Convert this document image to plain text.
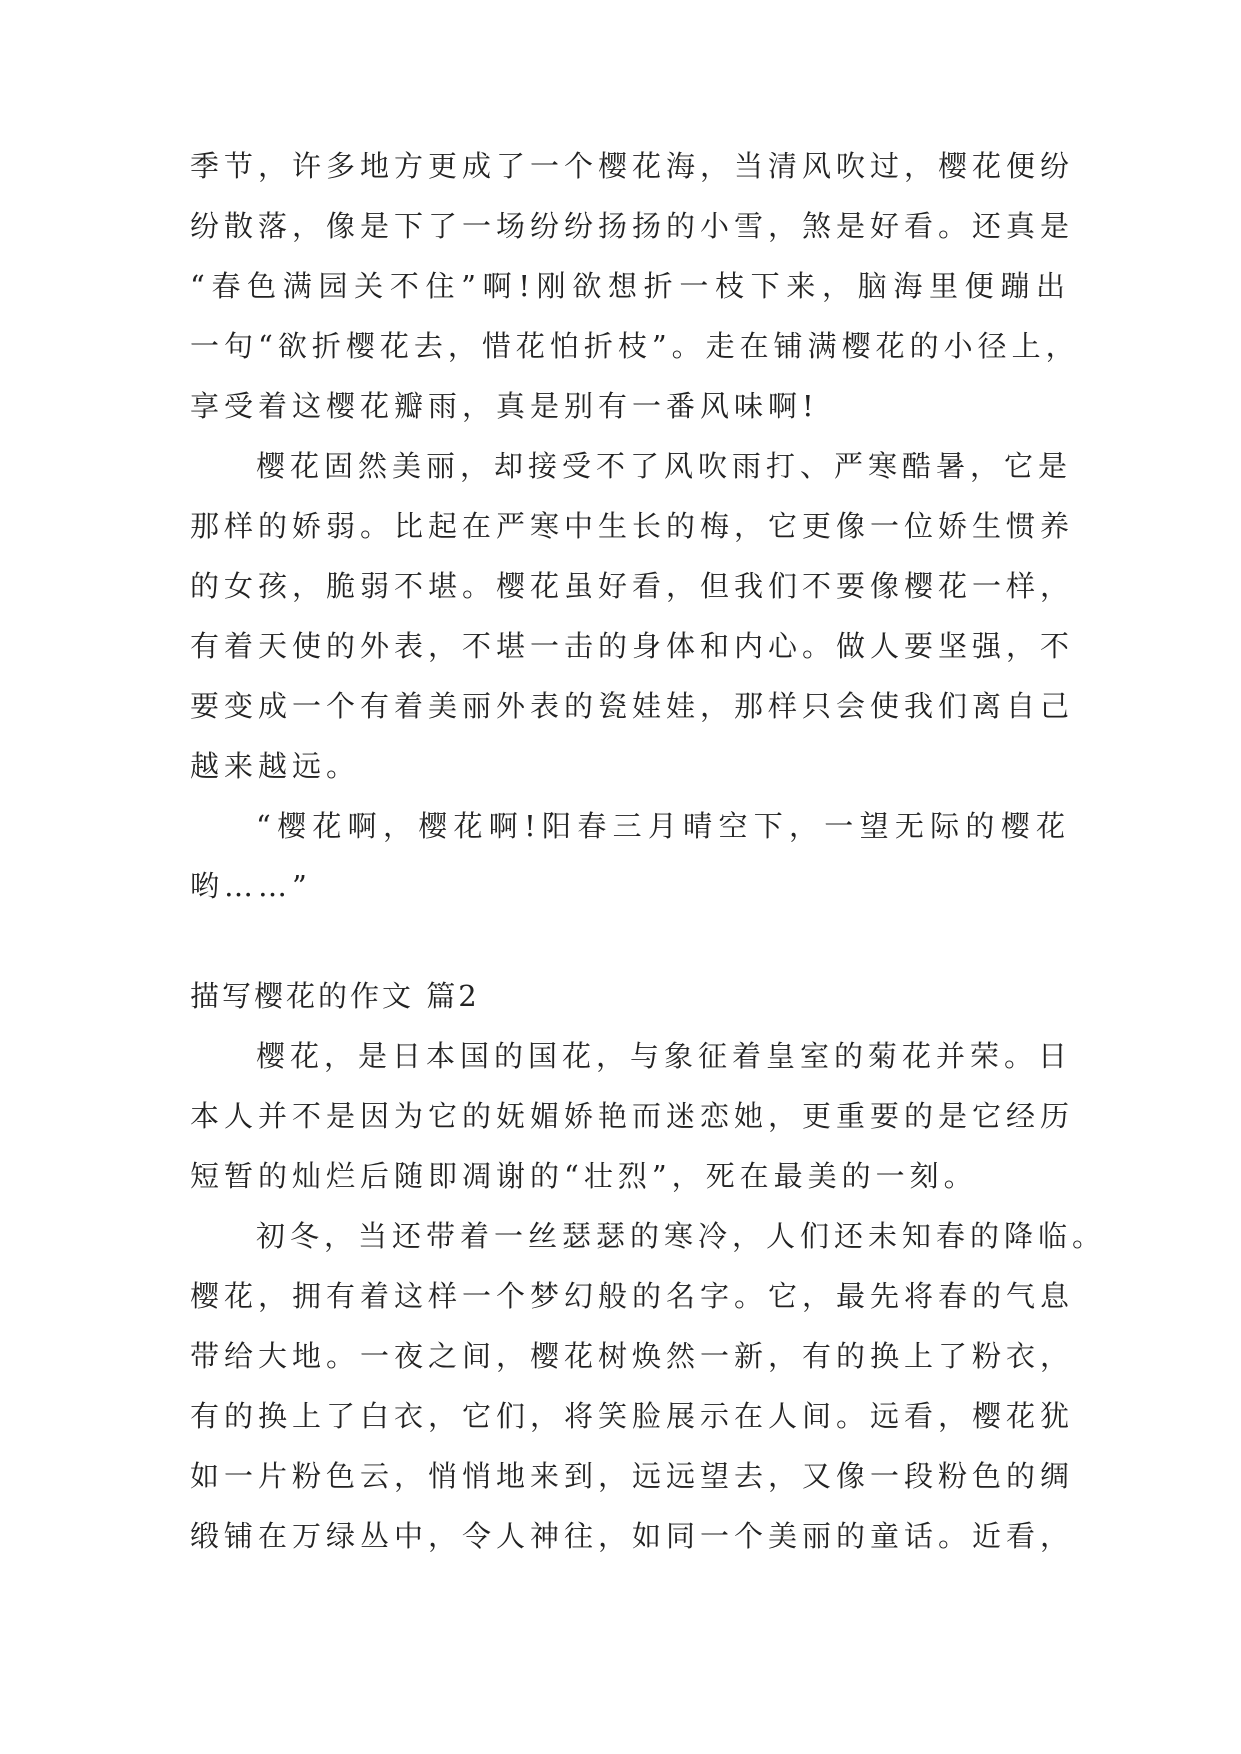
季节，许多地方更成了一个樱花海，当清风吹过，樱花便纷
纷散落，像是下了一场纷纷扬扬的小雪，煞是好看。还真是
“春色满园关不住”啊!刚欲想折一枝下来，脑海里便蹦出
一句“欲折樱花去，惜花怕折枝”。走在铺满樱花的小径上，
享受着这樱花瓣雨，真是别有一番风味啊!
樱花固然美丽，却接受不了风吹雨打、严寒酷暑，它是
那样的娇弱。比起在严寒中生长的梅，它更像一位娇生惯养
的女孩，脆弱不堪。樱花虽好看，但我们不要像樱花一样，
有着天使的外表，不堪一击的身体和内心。做人要坚强，不
要变成一个有着美丽外表的瓷娃娃，那样只会使我们离自己
越来越远。
“樱花啊，樱花啊!阳春三月晴空下，一望无际的樱花
哟……”
描写樱花的作文 篇2
樱花，是日本国的国花，与象征着皇室的菊花并荣。日
本人并不是因为它的妩媚娇艳而迷恋她，更重要的是它经历
短暂的灿烂后随即凋谢的“壮烈”，死在最美的一刻。
初冬，当还带着一丝瑟瑟的寒冷，人们还未知春的降临。
樱花，拥有着这样一个梦幻般的名字。它，最先将春的气息
带给大地。一夜之间，樱花树焕然一新，有的换上了粉衣，
有的换上了白衣，它们，将笑脸展示在人间。远看，樱花犹
如一片粉色云，悄悄地来到，远远望去，又像一段粉色的绸
缎铺在万绿丛中，令人神往，如同一个美丽的童话。近看，
